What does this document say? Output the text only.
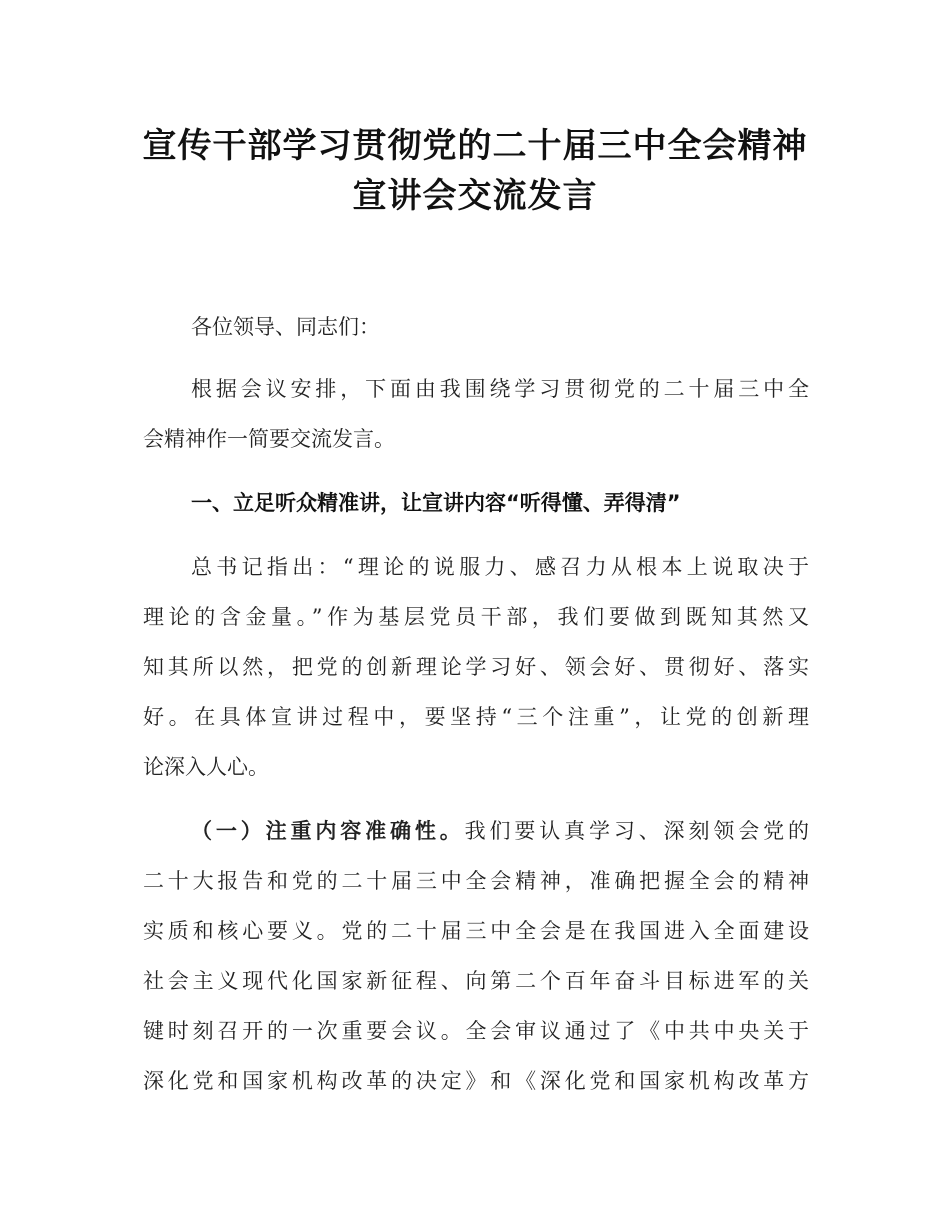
宣传干部学习贯彻党的二十届三中全会精神
宣讲会交流发言
各位领导、同志们：
根据会议安排，下面由我围绕学习贯彻党的二十届三中全
会精神作一简要交流发言。
一、立足听众精准讲，让宣讲内容“听得懂、弄得清”
总书记指出：“理论的说服力、感召力从根本上说取决于
理论的含金量。”作为基层党员干部，我们要做到既知其然又
知其所以然，把党的创新理论学习好、领会好、贯彻好、落实
好。在具体宣讲过程中，要坚持“三个注重”，让党的创新理
论深入人心。
（一）注重内容准确性。我们要认真学习、深刻领会党的
二十大报告和党的二十届三中全会精神，准确把握全会的精神
实质和核心要义。党的二十届三中全会是在我国进入全面建设
社会主义现代化国家新征程、向第二个百年奋斗目标进军的关
键时刻召开的一次重要会议。全会审议通过了《中共中央关于
深化党和国家机构改革的决定》和《深化党和国家机构改革方
